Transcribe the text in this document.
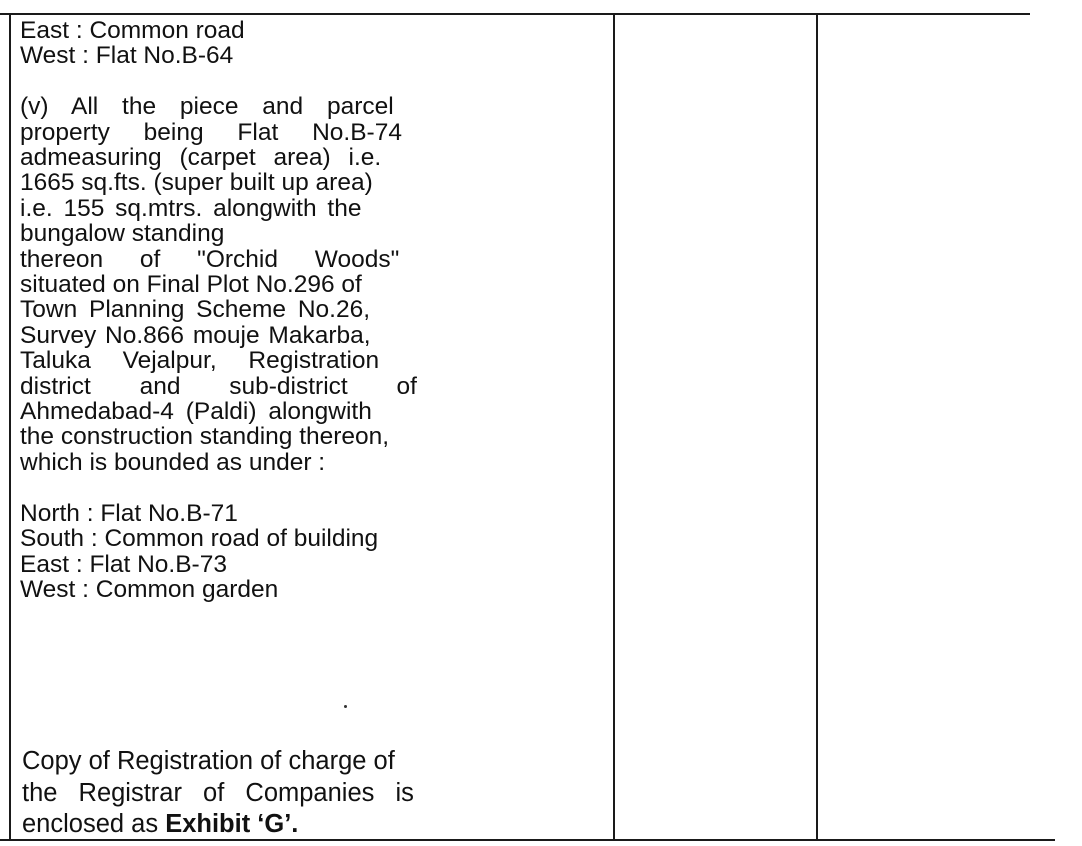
East : Common road
West : Flat No.B-64
(v) All the piece and parcel
property being Flat No.B-74
admeasuring (carpet area) i.e.
1665 sq.fts. (super built up area)
i.e. 155 sq.mtrs. alongwith the
bungalow standing
thereon of "Orchid Woods"
situated on Final Plot No.296 of
Town Planning Scheme No.26,
Survey No.866 mouje Makarba,
Taluka Vejalpur, Registration
district and sub-district of
Ahmedabad-4 (Paldi) alongwith
the construction standing thereon,
which is bounded as under :
North : Flat No.B-71
South : Common road of building
East : Flat No.B-73
West : Common garden
Copy of Registration of charge of
the Registrar of Companies is
enclosed as Exhibit ‘G’.
